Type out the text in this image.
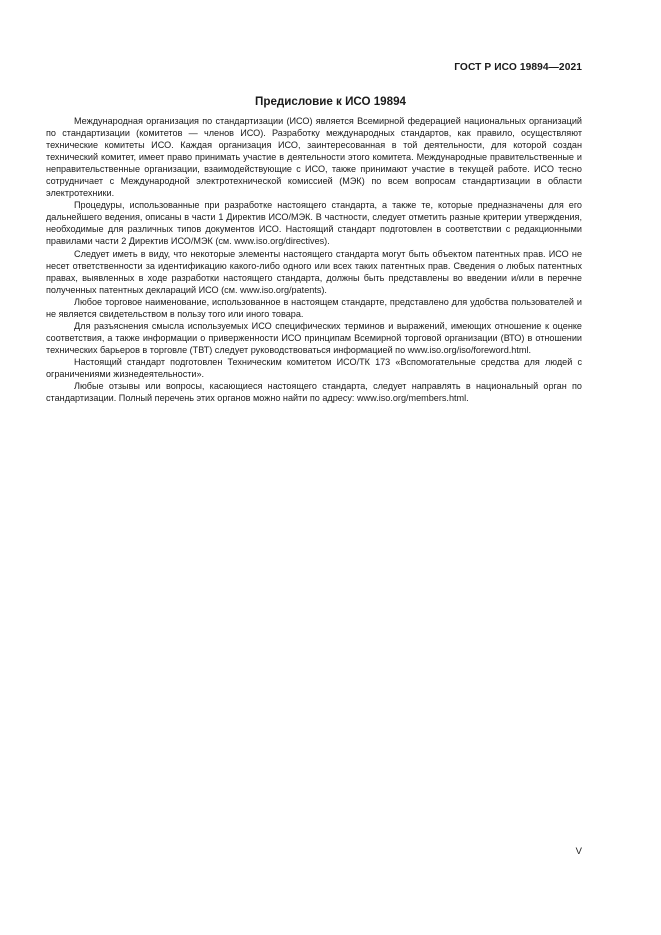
ГОСТ Р ИСО 19894—2021
Предисловие к ИСО 19894

Международная организация по стандартизации (ИСО) является Всемирной федерацией национальных организаций по стандартизации (комитетов — членов ИСО). Разработку международных стандартов, как правило, осуществляют технические комитеты ИСО. Каждая организация ИСО, заинтересованная в той деятельности, для которой создан технический комитет, имеет право принимать участие в деятельности этого комитета. Международные правительственные и неправительственные организации, взаимодействующие с ИСО, также принимают участие в текущей работе. ИСО тесно сотрудничает с Международной электротехнической комиссией (МЭК) по всем вопросам стандартизации в области электротехники.

Процедуры, использованные при разработке настоящего стандарта, а также те, которые предназначены для его дальнейшего ведения, описаны в части 1 Директив ИСО/МЭК. В частности, следует отметить разные критерии утверждения, необходимые для различных типов документов ИСО. Настоящий стандарт подготовлен в соответствии с редакционными правилами части 2 Директив ИСО/МЭК (см. www.iso.org/directives).

Следует иметь в виду, что некоторые элементы настоящего стандарта могут быть объектом патентных прав. ИСО не несет ответственности за идентификацию какого-либо одного или всех таких патентных прав. Сведения о любых патентных правах, выявленных в ходе разработки настоящего стандарта, должны быть представлены во введении и/или в перечне полученных патентных деклараций ИСО (см. www.iso.org/patents).

Любое торговое наименование, использованное в настоящем стандарте, представлено для удобства пользователей и не является свидетельством в пользу того или иного товара.

Для разъяснения смысла используемых ИСО специфических терминов и выражений, имеющих отношение к оценке соответствия, а также информации о приверженности ИСО принципам Всемирной торговой организации (ВТО) в отношении технических барьеров в торговле (ТВТ) следует руководствоваться информацией по www.iso.org/iso/foreword.html.

Настоящий стандарт подготовлен Техническим комитетом ИСО/ТК 173 «Вспомогательные средства для людей с ограничениями жизнедеятельности».

Любые отзывы или вопросы, касающиеся настоящего стандарта, следует направлять в национальный орган по стандартизации. Полный перечень этих органов можно найти по адресу: www.iso.org/members.html.

V
